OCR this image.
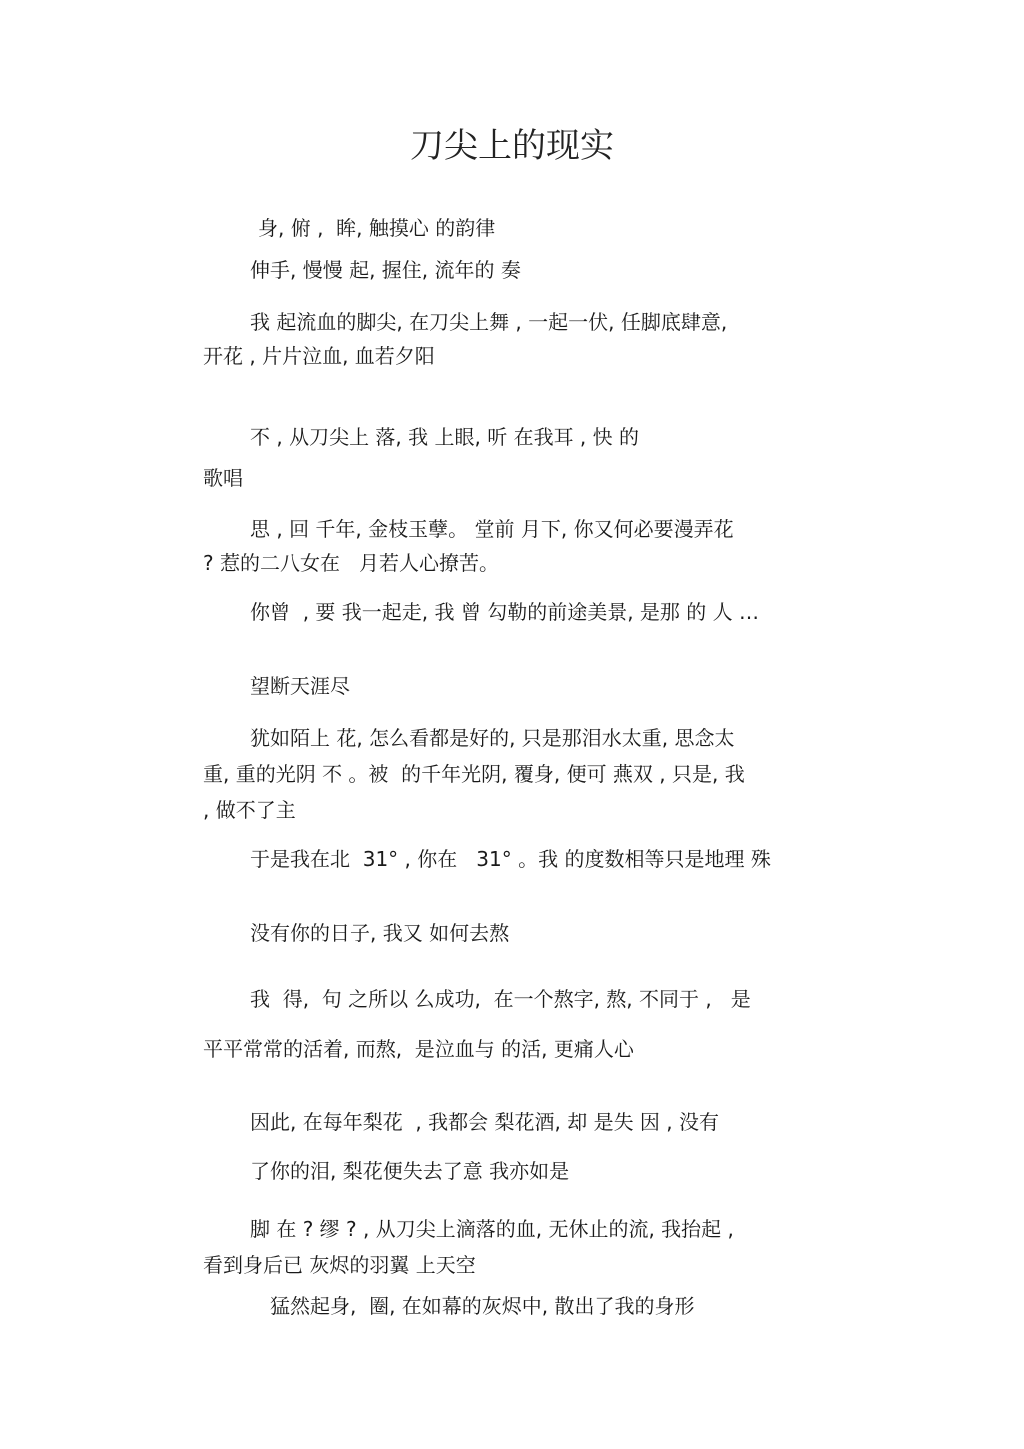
刀尖上的现实
身, 俯 ,  眸, 触摸心 的韵律
伸手, 慢慢 起, 握住, 流年的 奏
我 起流血的脚尖, 在刀尖上舞 , 一起一伏, 任脚底肆意,
开花 , 片片泣血, 血若夕阳
不 , 从刀尖上 落, 我 上眼, 听 在我耳 , 快 的
歌唱
思 , 回 千年, 金枝玉孽。 堂前 月下, 你又何必要漫弄花
? 惹的二八女在   月若人心撩苦。
你曾  , 要 我一起走, 我 曾 勾勒的前途美景, 是那 的 人 …
望断天涯尽
犹如陌上 花, 怎么看都是好的, 只是那泪水太重, 思念太
重, 重的光阴 不 。被  的千年光阴, 覆身, 便可 燕双 , 只是, 我
, 做不了主
于是我在北  31° , 你在   31° 。我 的度数相等只是地理 殊
没有你的日子, 我又 如何去熬
我  得,  句 之所以 么成功,  在一个熬字, 熬, 不同于 ,   是
平平常常的活着, 而熬,  是泣血与 的活, 更痛人心
因此, 在每年梨花  , 我都会 梨花酒, 却 是失 因 , 没有
了你的泪, 梨花便失去了意 我亦如是
脚 在 ? 缪 ? , 从刀尖上滴落的血, 无休止的流, 我抬起 ,
看到身后已 灰烬的羽翼 上天空
猛然起身,  圈, 在如幕的灰烬中, 散出了我的身形
